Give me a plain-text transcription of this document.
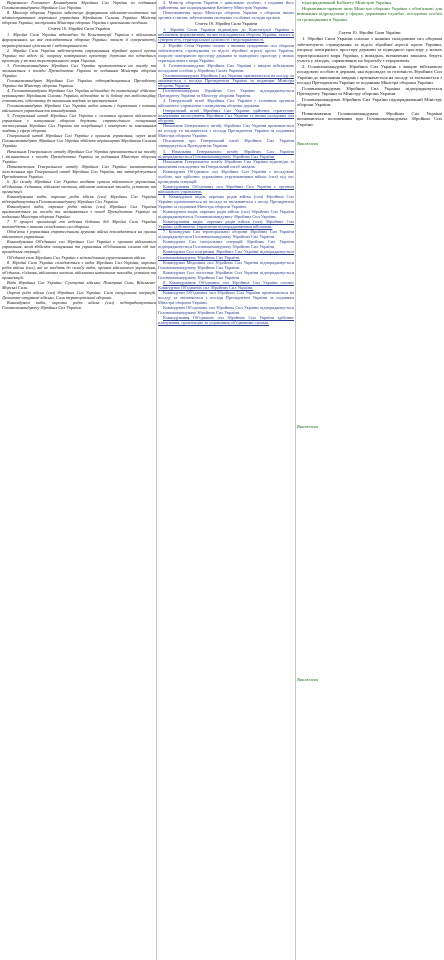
Верховного Головного Командувача Збройних Сил України за поданням Головнокомандувача Збройних Сил України.

8. Міністр оборони України забезпечує формування військово-політичної та адміністративної вертикалі управління Збройними Силами України. Міністр оборони України, заступники Міністра оборони України є цивільними особами.

Стаття 10. Збройні Сили України

1. Збройні Сили України відповідно до Конституції України є військовим формуванням, на яке покладаються оборона України, захист її суверенітету, територіальної цілісності і недоторканності.

2. Збройні Сили України забезпечують стримування збройної агресії проти України та відсіч їй, охорону повітряного простору держави та підводного простору у межах територіального моря України.

3. Головнокомандувач Збройних Сил України призначається на посаду та звільняється з посади Президентом України за поданням Міністра оборони України.

Головнокомандувач Збройних Сил України підпорядковується Президенту України та Міністру оборони України.

4. Головнокомандувач Збройних Сил України відповідно до компетенції здійснює керівництво Збройними Силами України, відповідає за їх бойову та мобілізаційну готовність, підготовку до виконання завдань за призначенням.

Головнокомандувач Збройних Сил України видає накази і директиви з питань військового управління та командування.

5. Генеральний штаб Збройних Сил України є головним органом військового управління з планування оборони держави, стратегічного планування застосування Збройних Сил України та координації і контролю за виконанням завдань у сфері оборони.

Генеральний штаб Збройних Сил України є органом управління, через який Головнокомандувач Збройних Сил України здійснює керівництво Збройними Силами України.

Начальник Генерального штабу Збройних Сил України призначається на посаду і звільняється з посади Президентом України за поданням Міністра оборони України.

Повноваження Генерального штабу Збройних Сил України визначаються положенням про Генеральний штаб Збройних Сил України, яке затверджується Президентом України.

6. До складу Збройних Сил України входять органи військового управління, об'єднання, з'єднання, військові частини, військові навчальні заклади, установи та організації.

Командування видів, окремих родів військ (сил) Збройних Сил України підпорядковуються Головнокомандувачу Збройних Сил України.

Командувачі видів, окремих родів військ (сил) Збройних Сил України призначаються на посади та звільняються з посад Президентом України за поданням Міністра оборони України.

7. У процесі організації та ведення бойових дій Збройні Сили України взаємодіють з іншими складовими сил оборони.

Обов'язки з управління стратегічними групами військ покладаються на органи військового управління.

Командування Об'єднаних сил Збройних Сил України є органом військового управління, який здійснює планування та управління об'єднаними силами під час проведення операцій.

Об'єднані сили Збройних Сил України є міжвидовими угрупованнями військ.

8. Збройні Сили України складаються з видів Збройних Сил України, окремих родів військ (сил), які не входять до складу видів, органів військового управління, об'єднань, з'єднань, військових частин, військових навчальних закладів, установ та організацій.

Види Збройних Сил України: Сухопутні війська, Повітряні Сили, Військово-Морські Сили.

Окремі роди військ (сил) Збройних Сил України: Сили спеціальних операцій, Десантно-штурмові війська, Сили територіальної оборони.

Командувачі видів, окремих родів військ (сил) підпорядковуються Головнокомандувачу Збройних Сил України.

4. Міністр оборони України є цивільною особою, з подання його здійснення, яке підпорядковане Кабінету Міністрів України.

Повноваження щодо Міністра оборони України з оборони інших органів з питань забезпечення належних особових складів органів.

Стаття 10. Збройні Сили України

1. Збройні Сили України відповідно до Конституції України є військовим формуванням, на яке покладаються оборона України, захист її суверенітету, територіальної цілісності і недоторканності.

2. Збройні Сили України сильно з іншими складовими сил оборони забезпечують стримування та відсіч збройної агресії проти України, охорону повітряного простору держави та підводного простору у межах територіального моря України.

3. Головнокомандувач Збройних Сил України є вищою військовою посадовою особою у Збройних Силах України.

Головнокомандувач Збройних Сил України призначається на посаду та звільняється з посади Президентом України за поданням Міністра оборони України.

Головнокомандувач Збройних Сил України підпорядковується Президенту України та Міністру оборони України.

4. Генеральний штаб Збройних Сил України є головним органом військового управління з планування оборони держави.

Генеральний штаб Збройних Сил України здійснює стратегічне планування застосування Збройних Сил України та інших складових сил оборони.

Начальник Генерального штабу Збройних Сил України призначається на посаду та звільняється з посади Президентом України за поданням Міністра оборони України.

Положення про Генеральний штаб Збройних Сил України затверджується Президентом України.

5. Начальник Генерального штабу Збройних Сил України підпорядковується Головнокомандувачу Збройних Сил України.

Начальник Генерального штабу Збройних Сил України відповідає за виконання покладених на Генеральний штаб завдань.

Командувач Об'єднаних сил Збройних Сил України є посадовою особою, яка здійснює управління угрупованнями військ (сил) під час проведення операцій.

Командування Об'єднаних сил Збройних Сил України є органом військового управління.

6. Командувачі видів, окремих родів військ (сил) Збройних Сил України призначаються на посади та звільняються з посад Президентом України за поданням Міністра оборони України.

Командувачі видів, окремих родів військ (сил) Збройних Сил України підпорядковуються Головнокомандувачу Збройних Сил України.

Командування видів, окремих родів військ (сил) Збройних Сил України здійснюють управління підпорядкованими військами.

7. Командувач Сил територіальної оборони Збройних Сил України підпорядковується Головнокомандувачу Збройних Сил України.

Командувач Сил спеціальних операцій Збройних Сил України підпорядковується Головнокомандувачу Збройних Сил України.

Командувач Сил підтримки Збройних Сил України підпорядковується Головнокомандувачу Збройних Сил України.

Командувач Медичних сил Збройних Сил України підпорядковується Головнокомандувачу Збройних Сил України.

Командувач Сил логістики Збройних Сил України підпорядковується Головнокомандувачу Збройних Сил України.

8. Командування Об'єднаних сил Збройних Сил України очолює Командувач Об'єднаних сил Збройних Сил України.

Командувач Об'єднаних сил Збройних Сил України призначається на посаду та звільняється з посади Президентом України за поданням Міністра оборони України.

Командувач Об'єднаних сил Збройних Сил України підпорядковується Головнокомандувачу Збройних Сил України.

Командування Об'єднаних сил Збройних Сил України здійснює планування, організацію та управління об'єднаними силами.

підпорядкований Кабінету Міністрів України.

Нормативно-правові акти Міністра оборони України з обов'язкові для виконання підрозділами у сферах, державних службах, посадових особах та громадянами в Україні.

Стаття 10. Збройні Сили України

1. Збройні Сили України спільно з іншими складовими сил оборони забезпечують стримування та відсіч збройної агресії проти України, охорону повітряного простору держави та підводного простору у межах територіального моря України, у випадках, визначених законом, беруть участь у заходах, спрямованих на боротьбу з тероризмом.

2. Головнокомандувач Збройних Сил України є вищою військовою посадовою особою в державі, яка відповідає за готовність Збройних Сил України до виконання завдань і призначається на посаду та звільняється з посади Президентом України за поданням Міністра оборони України.

Головнокомандувач Збройних Сил України підпорядковується Президенту України та Міністру оборони України.

Головнокомандувач Збройних Сил України підпорядкований Міністру оборони України.

Повноваження Головнокомандувача Збройних Сил України визначаються положенням про Головнокомандувача Збройних Сил України.

Виключено

Виключено

Виключено
